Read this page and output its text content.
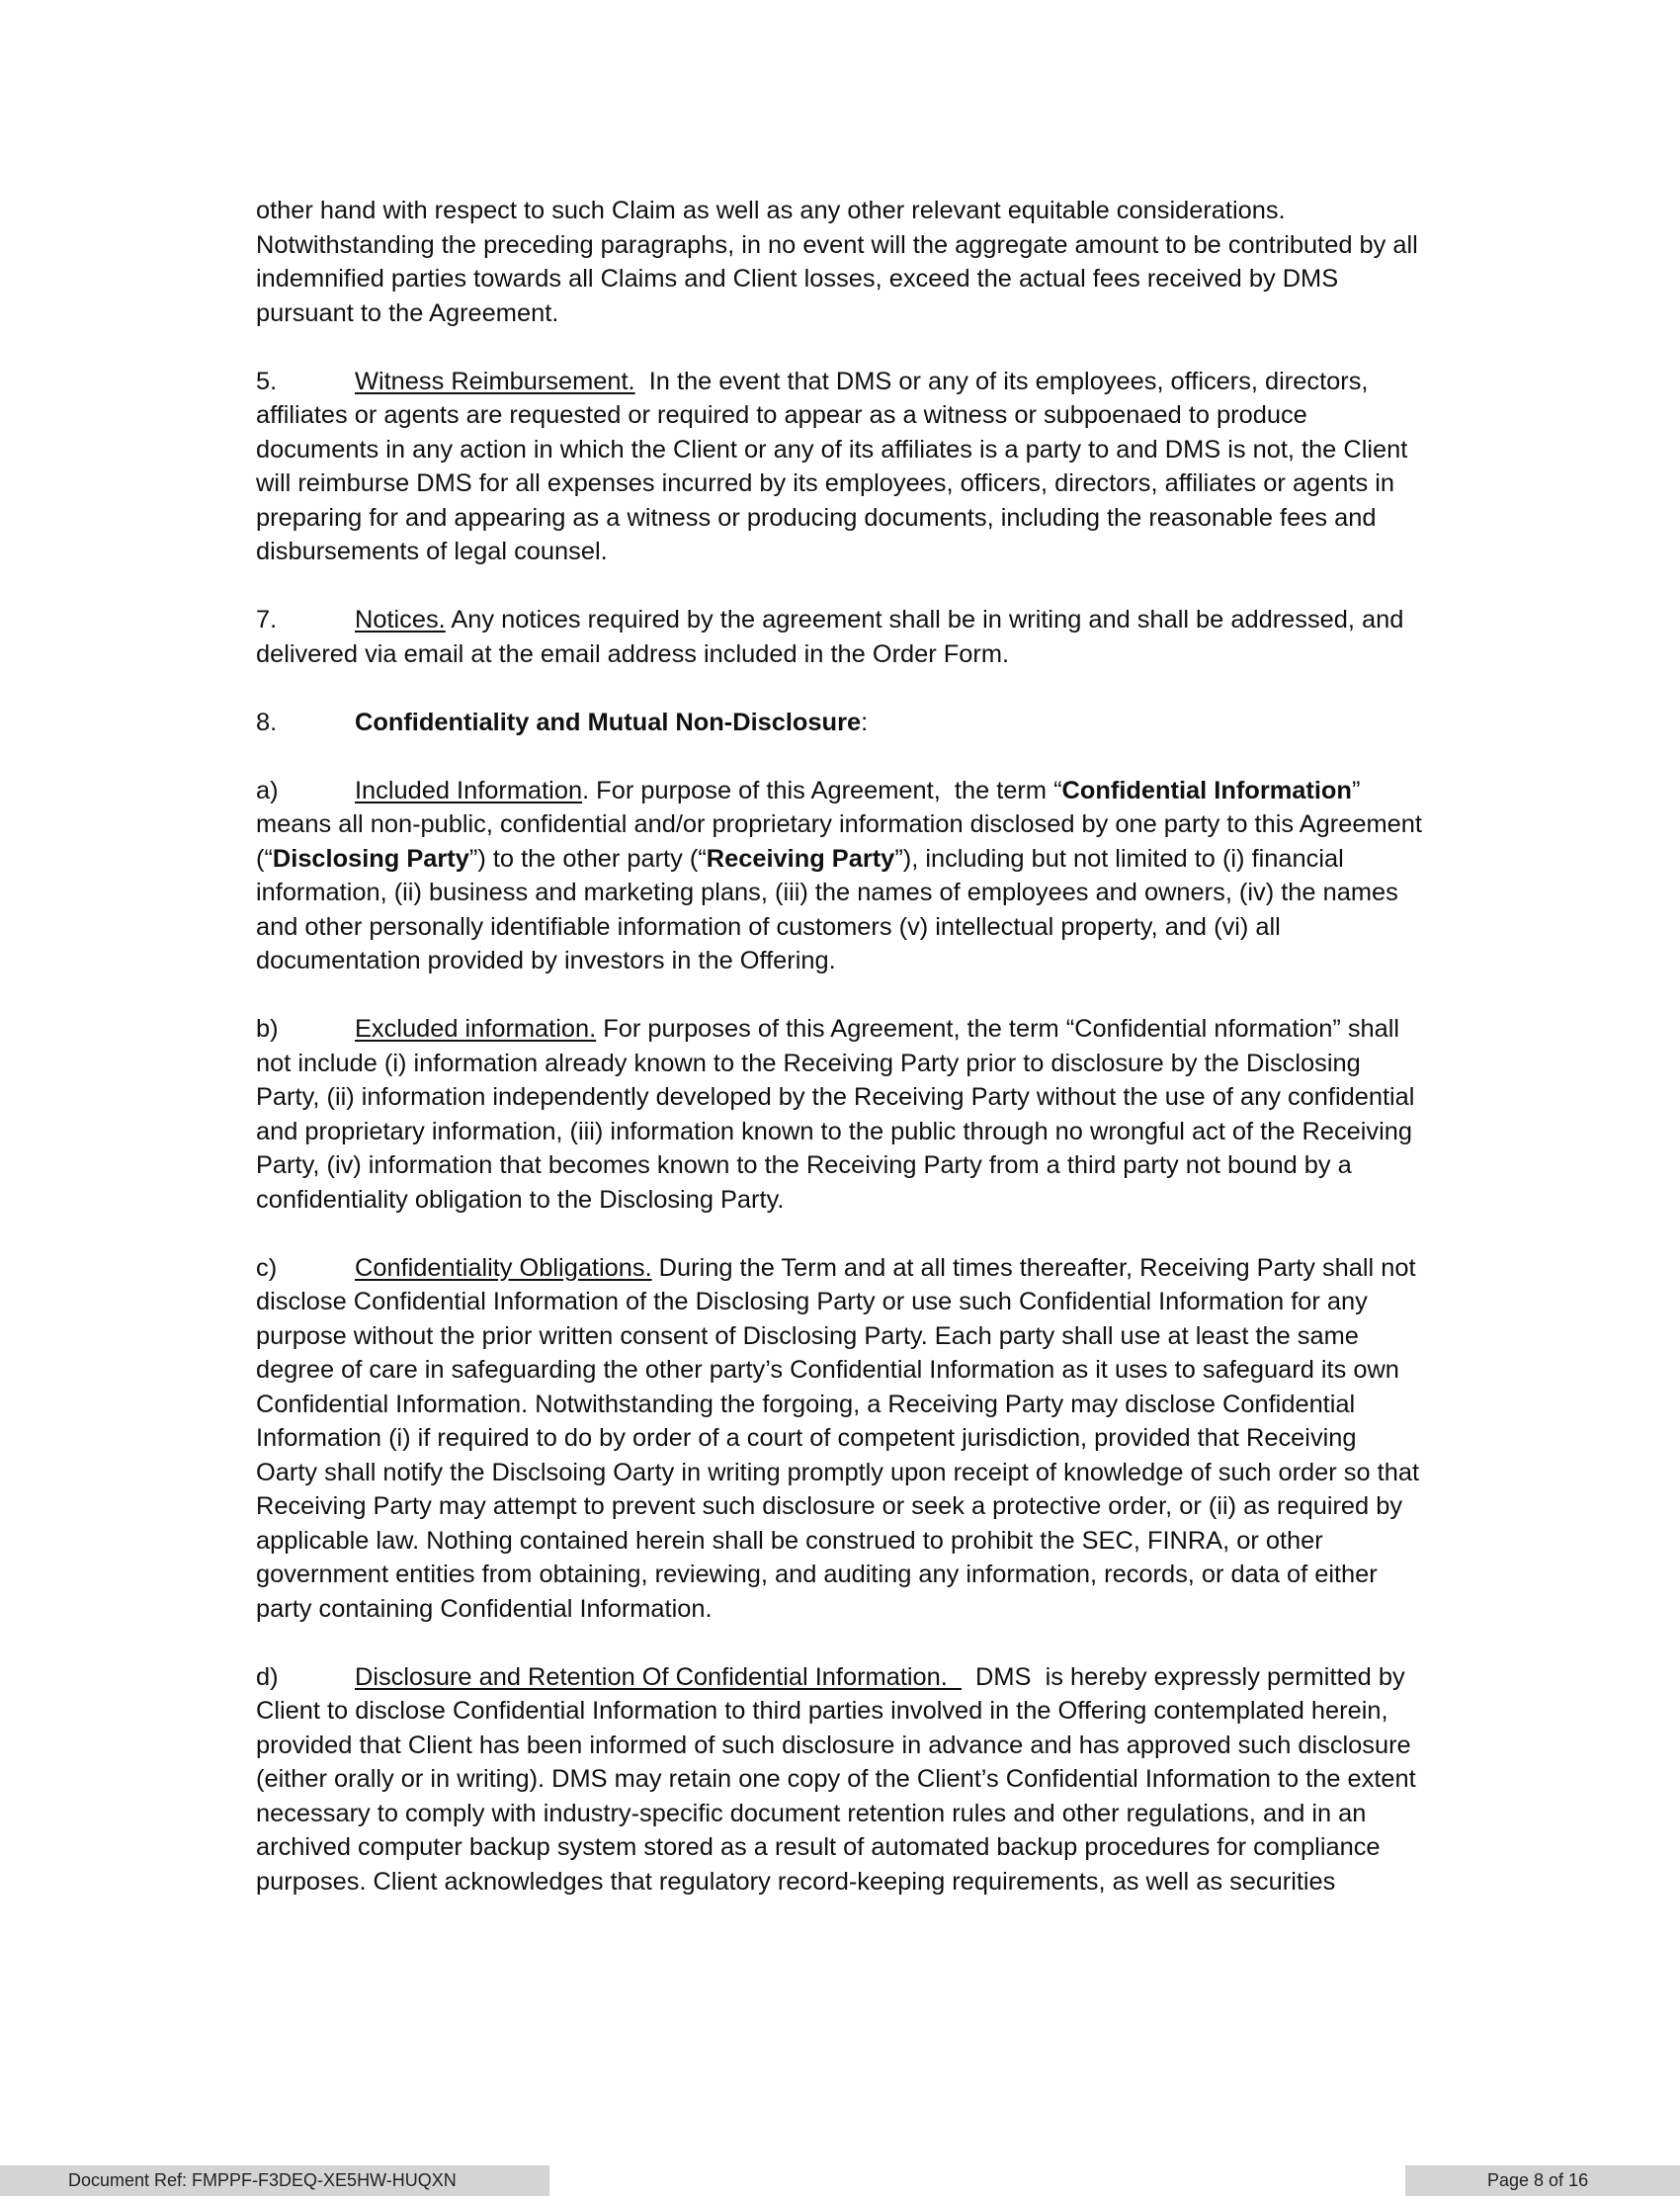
other hand with respect to such Claim as well as any other relevant equitable considerations.
Notwithstanding the preceding paragraphs, in no event will the aggregate amount to be contributed by all
indemnified parties towards all Claims and Client losses, exceed the actual fees received by DMS
pursuant to the Agreement.

5.	Witness Reimbursement.  In the event that DMS or any of its employees, officers, directors,
affiliates or agents are requested or required to appear as a witness or subpoenaed to produce
documents in any action in which the Client or any of its affiliates is a party to and DMS is not, the Client
will reimburse DMS for all expenses incurred by its employees, officers, directors, affiliates or agents in
preparing for and appearing as a witness or producing documents, including the reasonable fees and
disbursements of legal counsel.

7.	Notices. Any notices required by the agreement shall be in writing and shall be addressed, and
delivered via email at the email address included in the Order Form.

8.	Confidentiality and Mutual Non-Disclosure:

a)	Included Information. For purpose of this Agreement,  the term “Confidential Information”
means all non-public, confidential and/or proprietary information disclosed by one party to this Agreement
(“Disclosing Party”) to the other party (“Receiving Party”), including but not limited to (i) financial
information, (ii) business and marketing plans, (iii) the names of employees and owners, (iv) the names
and other personally identifiable information of customers (v) intellectual property, and (vi) all
documentation provided by investors in the Offering.

b)	Excluded information. For purposes of this Agreement, the term “Confidential nformation” shall
not include (i) information already known to the Receiving Party prior to disclosure by the Disclosing
Party, (ii) information independently developed by the Receiving Party without the use of any confidential
and proprietary information, (iii) information known to the public through no wrongful act of the Receiving
Party, (iv) information that becomes known to the Receiving Party from a third party not bound by a
confidentiality obligation to the Disclosing Party.

c)	Confidentiality Obligations. During the Term and at all times thereafter, Receiving Party shall not
disclose Confidential Information of the Disclosing Party or use such Confidential Information for any
purpose without the prior written consent of Disclosing Party. Each party shall use at least the same
degree of care in safeguarding the other party’s Confidential Information as it uses to safeguard its own
Confidential Information. Notwithstanding the forgoing, a Receiving Party may disclose Confidential
Information (i) if required to do by order of a court of competent jurisdiction, provided that Receiving
Oarty shall notify the Disclsoing Oarty in writing promptly upon receipt of knowledge of such order so that
Receiving Party may attempt to prevent such disclosure or seek a protective order, or (ii) as required by
applicable law. Nothing contained herein shall be construed to prohibit the SEC, FINRA, or other
government entities from obtaining, reviewing, and auditing any information, records, or data of either
party containing Confidential Information.

d)	Disclosure and Retention Of Confidential Information.    DMS  is hereby expressly permitted by
Client to disclose Confidential Information to third parties involved in the Offering contemplated herein,
provided that Client has been informed of such disclosure in advance and has approved such disclosure
(either orally or in writing). DMS may retain one copy of the Client’s Confidential Information to the extent
necessary to comply with industry-specific document retention rules and other regulations, and in an
archived computer backup system stored as a result of automated backup procedures for compliance
purposes. Client acknowledges that regulatory record-keeping requirements, as well as securities

Document Ref: FMPPF-F3DEQ-XE5HW-HUQXN	Page 8 of 16
